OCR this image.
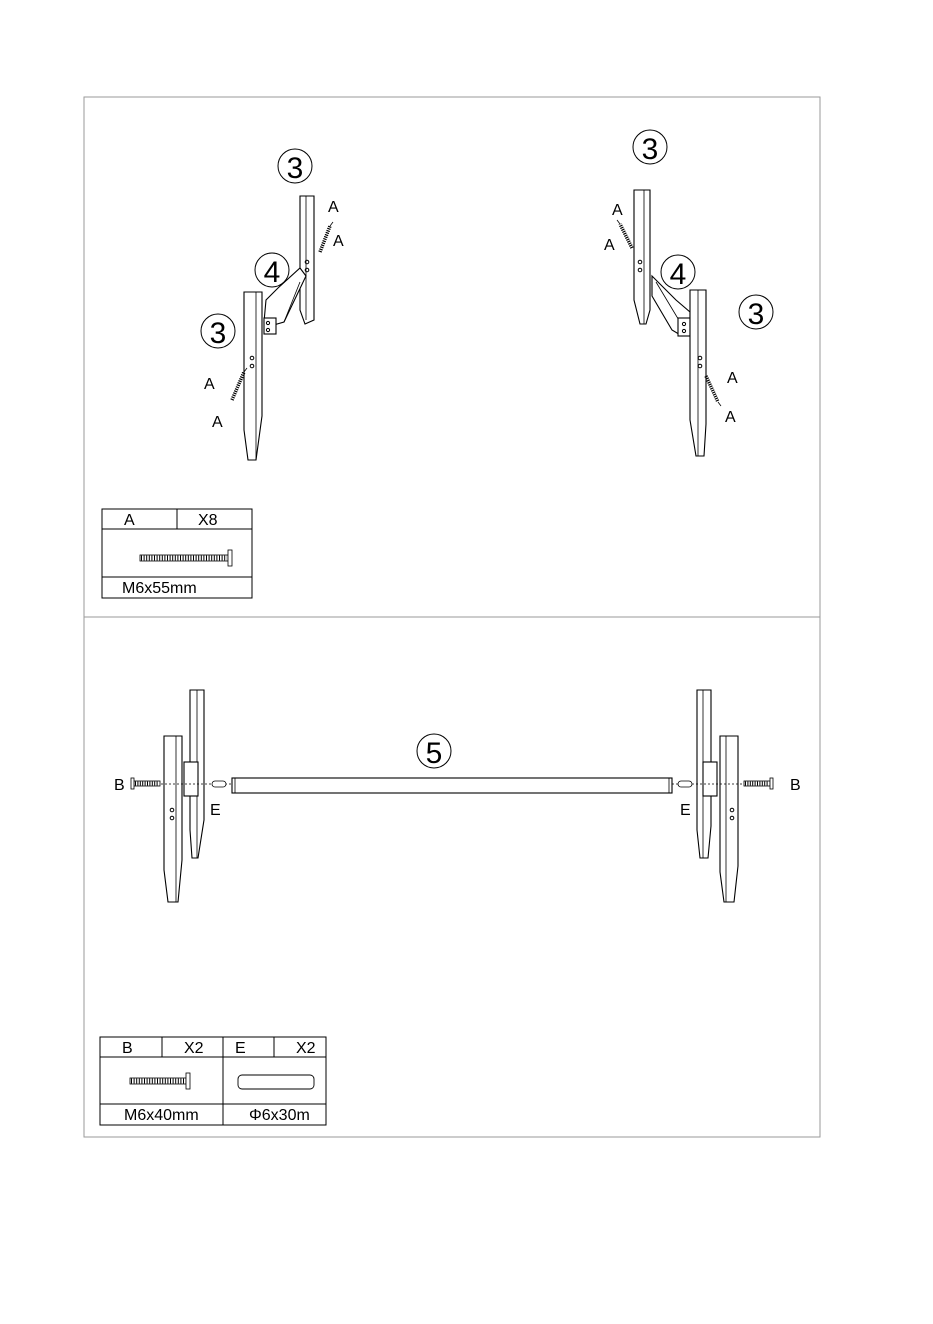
3
4
3
A
A
A
A
3
4
3
A
A
A
A
A	X8
M6x55mm
5
B	B
E	E
B	X2 E	X2
M6x40mm	Φ6x30m
